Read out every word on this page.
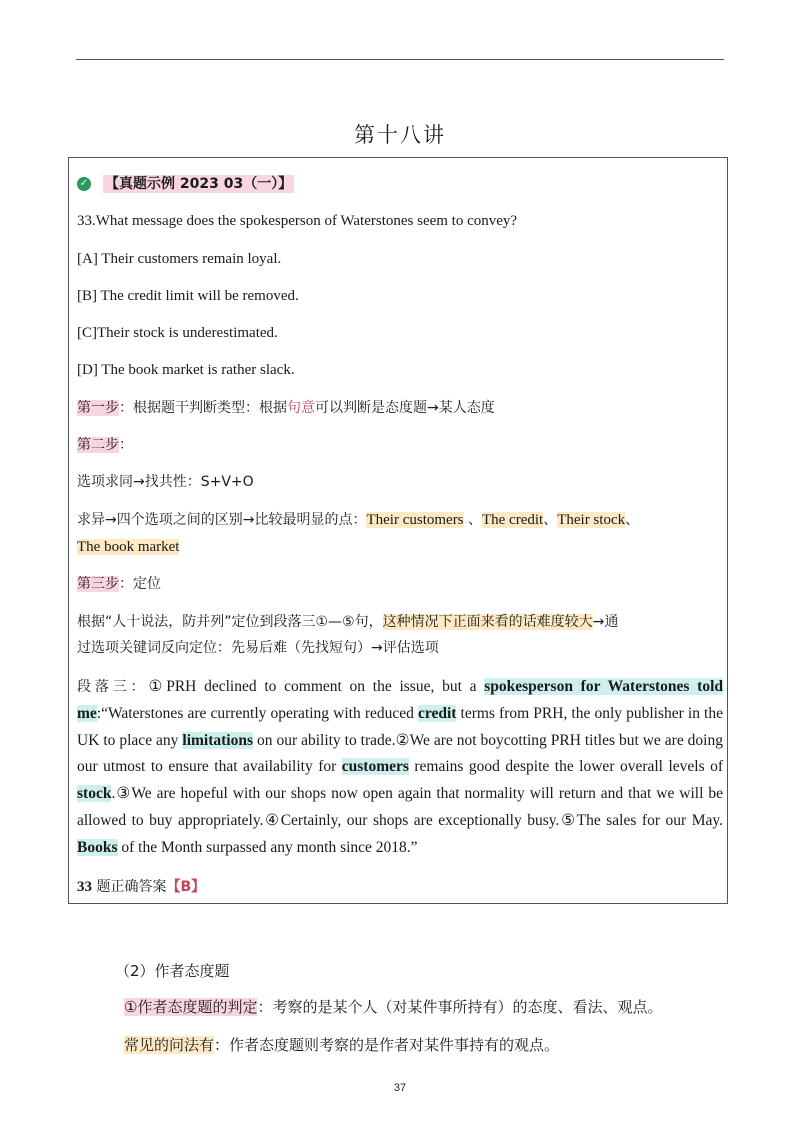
第十八讲
✓ 【真题示例 2023 03（一）】
33.What message does the spokesperson of Waterstones seem to convey?
[A] Their customers remain loyal.
[B] The credit limit will be removed.
[C]Their stock is underestimated.
[D] The book market is rather slack.
第一步：根据题干判断类型：根据句意可以判断是态度题→某人态度
第二步：
选项求同→找共性：S+V+O
求异→四个选项之间的区别→比较最明显的点：Their customers 、The credit、Their stock、
The book market
第三步：定位
根据“人十说法，防并列”定位到段落三①—⑤句，这种情况下正面来看的话难度较大→通
过选项关键词反向定位：先易后难（先找短句）→评估选项
段落三：①PRH declined to comment on the issue, but a spokesperson for Waterstones told me:“Waterstones are currently operating with reduced credit terms from PRH, the only publisher in the UK to place any limitations on our ability to trade.②We are not boycotting PRH titles but we are doing our utmost to ensure that availability for customers remains good despite the lower overall levels of stock.③We are hopeful with our shops now open again that normality will return and that we will be allowed to buy appropriately.④Certainly, our shops are exceptionally busy.⑤The sales for our May. Books of the Month surpassed any month since 2018.”
33 题正确答案【B】
（2）作者态度题
①作者态度题的判定：考察的是某个人（对某件事所持有）的态度、看法、观点。
常见的问法有：作者态度题则考察的是作者对某件事持有的观点。
37
